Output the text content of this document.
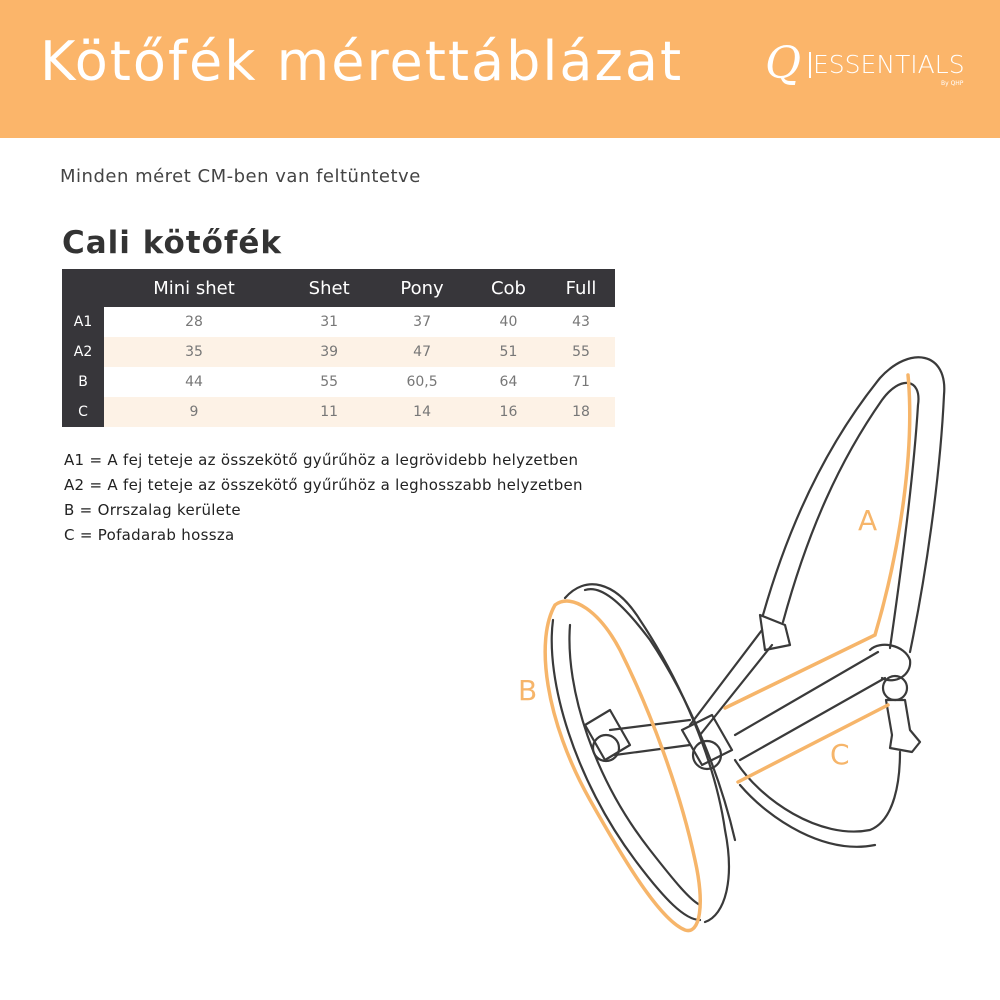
Kötőfék mérettáblázat Q ESSENTIALS
By QHP
Minden méret CM-ben van feltüntetve
Cali kötőfék
	Mini shet	Shet	Pony	Cob	Full
A1	28	31	37	40	43
A2	35	39	47	51	55
B	44	55	60,5	64	71
C	9	11	14	16	18
A1 = A fej teteje az összekötő gyűrűhöz a legrövidebb helyzetben
A2 = A fej teteje az összekötő gyűrűhöz a leghosszabb helyzetben
B = Orrszalag kerülete
C = Pofadarab hossza	A
B
C
